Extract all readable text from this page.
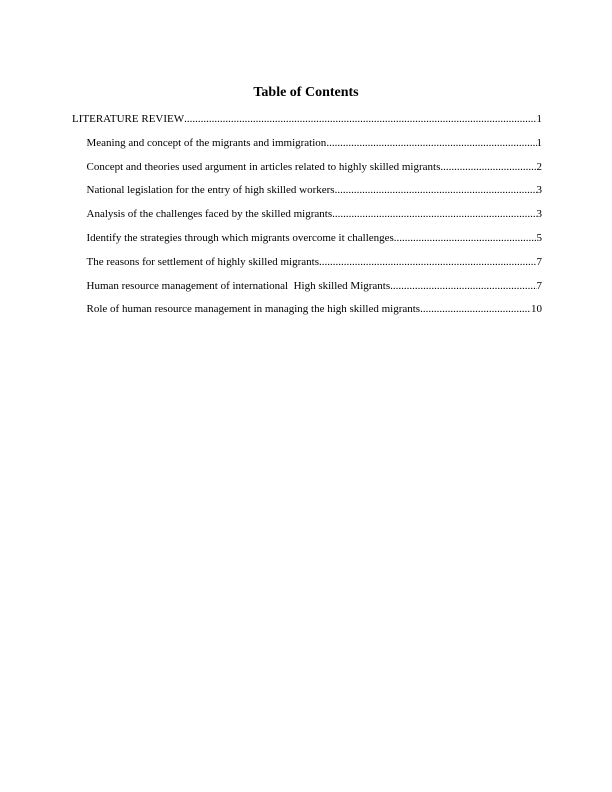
Table of Contents
LITERATURE REVIEW .....	1
Meaning and concept of the migrants and immigration .....	1
Concept and theories used argument in articles related to highly skilled migrants .....	2
National legislation for the entry of high skilled workers .....	3
Analysis of the challenges faced by the skilled migrants .....	3
Identify the strategies through which migrants overcome it challenges .....	5
The reasons for settlement of highly skilled migrants .....	7
Human resource management of international  High skilled Migrants .....	7
Role of human resource management in managing the high skilled migrants .....	10
